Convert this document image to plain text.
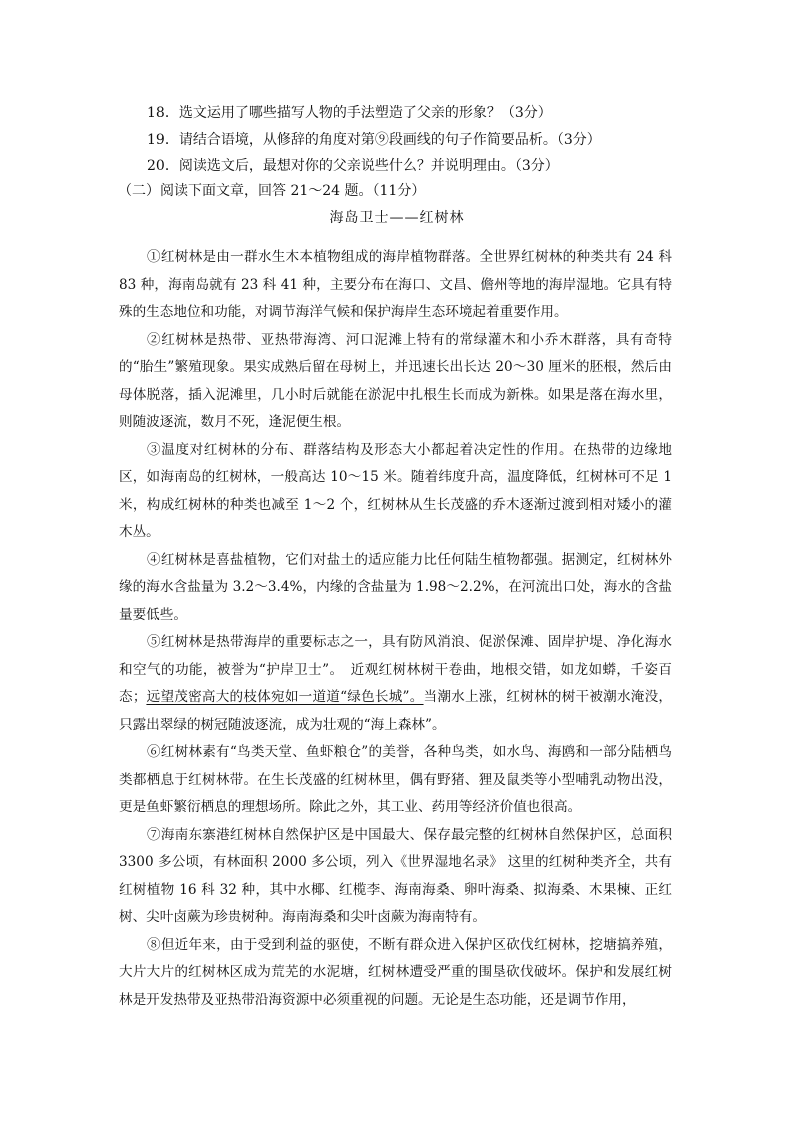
18．选文运用了哪些描写人物的手法塑造了父亲的形象？（3分）
19．请结合语境，从修辞的角度对第⑨段画线的句子作简要品析。（3分）
20．阅读选文后，最想对你的父亲说些什么？并说明理由。（3分）
（二）阅读下面文章，回答 21～24 题。（11分）
海岛卫士——红树林

①红树林是由一群水生木本植物组成的海岸植物群落。全世界红树林的种类共有 24 科 83 种，海南岛就有 23 科 41 种，主要分布在海口、文昌、儋州等地的海岸湿地。它具有特殊的生态地位和功能，对调节海洋气候和保护海岸生态环境起着重要作用。

②红树林是热带、亚热带海湾、河口泥滩上特有的常绿灌木和小乔木群落，具有奇特的“胎生”繁殖现象。果实成熟后留在母树上，并迅速长出长达 20～30 厘米的胚根，然后由母体脱落，插入泥滩里，几小时后就能在淤泥中扎根生长而成为新株。如果是落在海水里，则随波逐流，数月不死，逢泥便生根。

③温度对红树林的分布、群落结构及形态大小都起着决定性的作用。在热带的边缘地区，如海南岛的红树林，一般高达 10～15 米。随着纬度升高，温度降低，红树林可不足 1 米，构成红树林的种类也减至 1～2 个，红树林从生长茂盛的乔木逐渐过渡到相对矮小的灌木丛。

④红树林是喜盐植物，它们对盐土的适应能力比任何陆生植物都强。据测定，红树林外缘的海水含盐量为 3.2～3.4%，内缘的含盐量为 1.98～2.2%，在河流出口处，海水的含盐量要低些。

⑤红树林是热带海岸的重要标志之一，具有防风消浪、促淤保滩、固岸护堤、净化海水和空气的功能，被誉为“护岸卫士”。　近观红树林树干卷曲，地根交错，如龙如蟒，千姿百态；远望茂密高大的枝体宛如一道道“绿色长城”。当潮水上涨，红树林的树干被潮水淹没，只露出翠绿的树冠随波逐流，成为壮观的“海上森林”。

⑥红树林素有“鸟类天堂、鱼虾粮仓”的美誉，各种鸟类，如水鸟、海鸥和一部分陆栖鸟类都栖息于红树林带。在生长茂盛的红树林里，偶有野猪、狸及鼠类等小型哺乳动物出没，更是鱼虾繁衍栖息的理想场所。除此之外，其工业、药用等经济价值也很高。

⑦海南东寨港红树林自然保护区是中国最大、保存最完整的红树林自然保护区，总面积 3300 多公顷，有林面积 2000 多公顷，列入《世界湿地名录》 这里的红树种类齐全，共有红树植物 16 科 32 种，其中水椰、红榄李、海南海桑、卵叶海桑、拟海桑、木果楝、正红树、尖叶卤蕨为珍贵树种。海南海桑和尖叶卤蕨为海南特有。

⑧但近年来，由于受到利益的驱使，不断有群众进入保护区砍伐红树林，挖塘搞养殖，大片大片的红树林区成为荒芜的水泥塘，红树林遭受严重的围垦砍伐破坏。保护和发展红树林是开发热带及亚热带沿海资源中必须重视的问题。无论是生态功能，还是调节作用，
